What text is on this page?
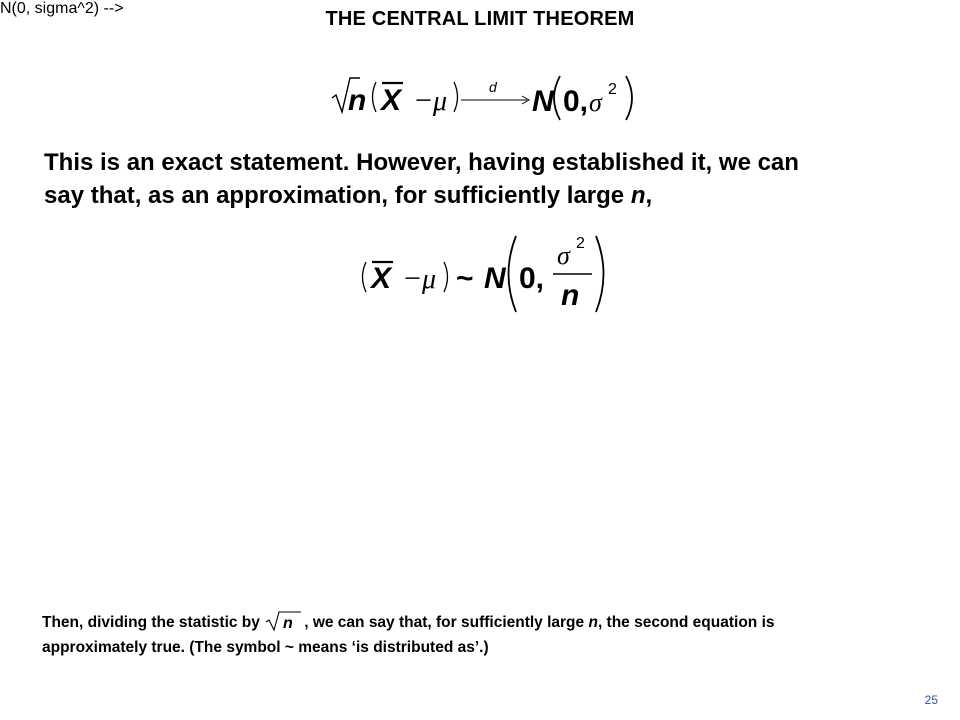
THE CENTRAL LIMIT THEOREM
N(0, sigma^2) -->
n X − μ	d N 0, σ 2

This is an exact statement. However, having established it, we can

say that, as an approximation, for sufficiently large n,

X − μ ~ N 0,
σ 2
n

Then, dividing the statistic by n , we can say that, for sufficiently large n, the second equation is

approximately true. (The symbol ~ means ‘is distributed as’.)

25
